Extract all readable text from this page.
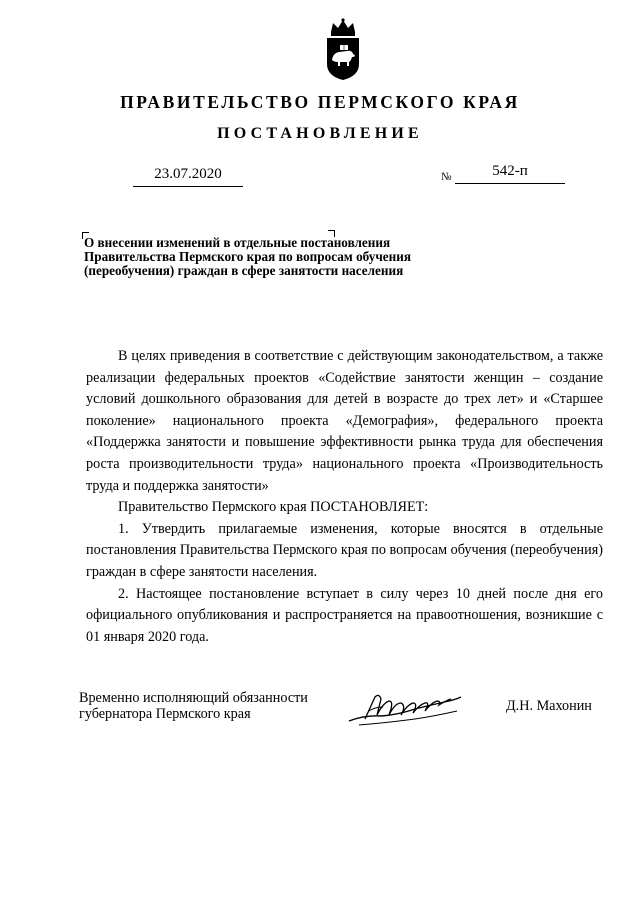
ПРАВИТЕЛЬСТВО ПЕРМСКОГО КРАЯ
ПОСТАНОВЛЕНИЕ
23.07.2020	№	542-п
О внесении изменений в отдельные постановления Правительства Пермского края по вопросам обучения (переобучения) граждан в сфере занятости населения

В целях приведения в соответствие с действующим законодательством, а также реализации федеральных проектов «Содействие занятости женщин – создание условий дошкольного образования для детей в возрасте до трех лет» и «Старшее поколение» национального проекта «Демография», федерального проекта «Поддержка занятости и повышение эффективности рынка труда для обеспечения роста производительности труда» национального проекта «Производительность труда и поддержка занятости»

Правительство Пермского края ПОСТАНОВЛЯЕТ:

1. Утвердить прилагаемые изменения, которые вносятся в отдельные постановления Правительства Пермского края по вопросам обучения (переобучения) граждан в сфере занятости населения.

2. Настоящее постановление вступает в силу через 10 дней после дня его официального опубликования и распространяется на правоотношения, возникшие с 01 января 2020 года.

Временно исполняющий обязанности
губернатора Пермского края	Д.Н. Махонин
